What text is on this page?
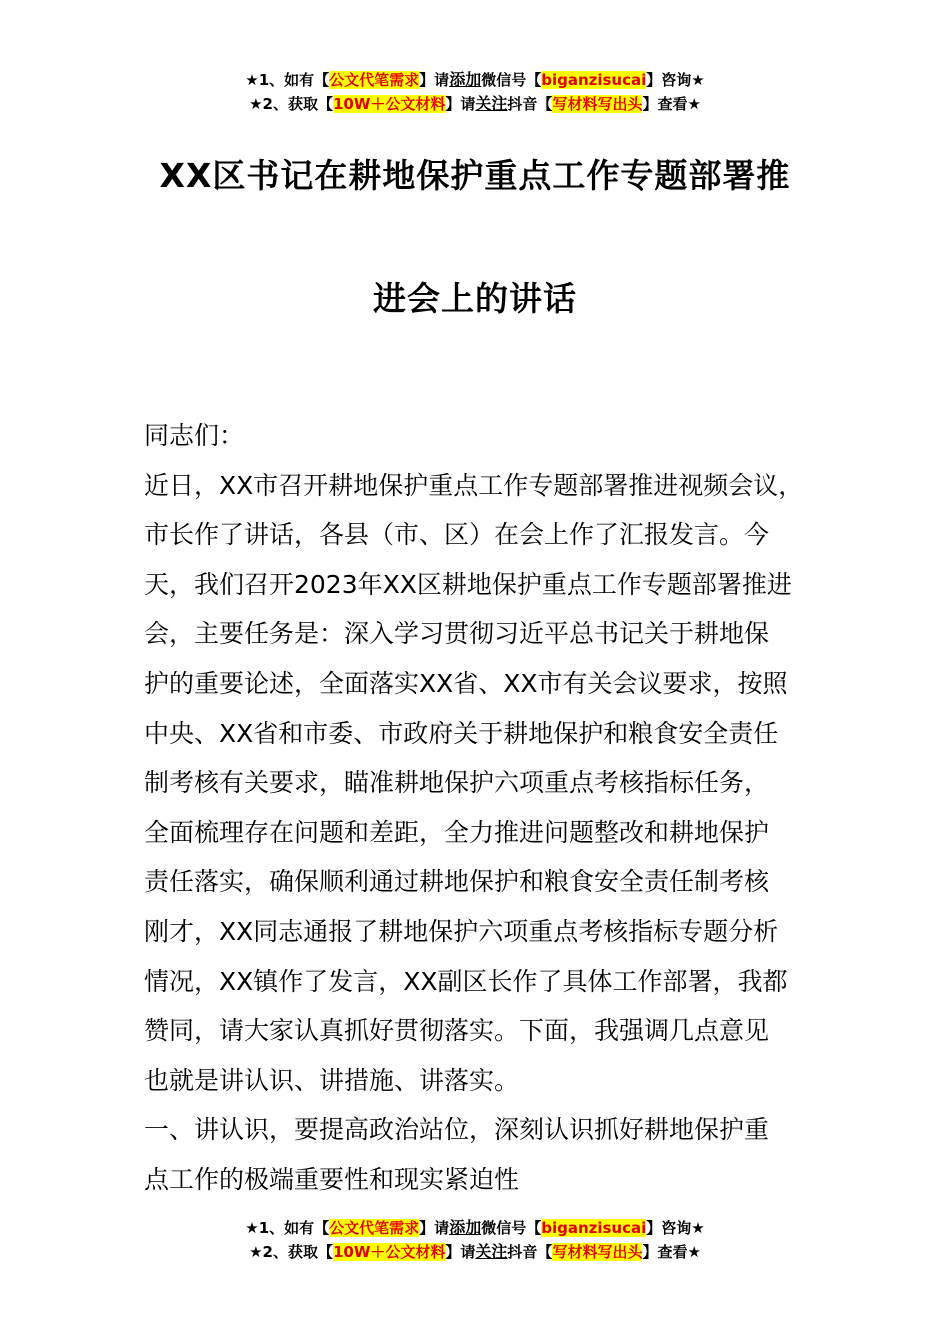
★1、如有【公文代笔需求】请添加微信号【biganzisucai】咨询★
★2、获取【10W＋公文材料】请关注抖音【写材料写出头】查看★
XX区书记在耕地保护重点工作专题部署推
进会上的讲话
同志们：
近日，XX市召开耕地保护重点工作专题部署推进视频会议，
市长作了讲话，各县（市、区）在会上作了汇报发言。今
天，我们召开2023年XX区耕地保护重点工作专题部署推进
会，主要任务是：深入学习贯彻习近平总书记关于耕地保
护的重要论述，全面落实XX省、XX市有关会议要求，按照
中央、XX省和市委、市政府关于耕地保护和粮食安全责任
制考核有关要求，瞄准耕地保护六项重点考核指标任务，
全面梳理存在问题和差距，全力推进问题整改和耕地保护
责任落实，确保顺利通过耕地保护和粮食安全责任制考核
刚才，XX同志通报了耕地保护六项重点考核指标专题分析
情况，XX镇作了发言，XX副区长作了具体工作部署，我都
赞同，请大家认真抓好贯彻落实。下面，我强调几点意见
也就是讲认识、讲措施、讲落实。
一、讲认识，要提高政治站位，深刻认识抓好耕地保护重
点工作的极端重要性和现实紧迫性
★1、如有【公文代笔需求】请添加微信号【biganzisucai】咨询★
★2、获取【10W＋公文材料】请关注抖音【写材料写出头】查看★
